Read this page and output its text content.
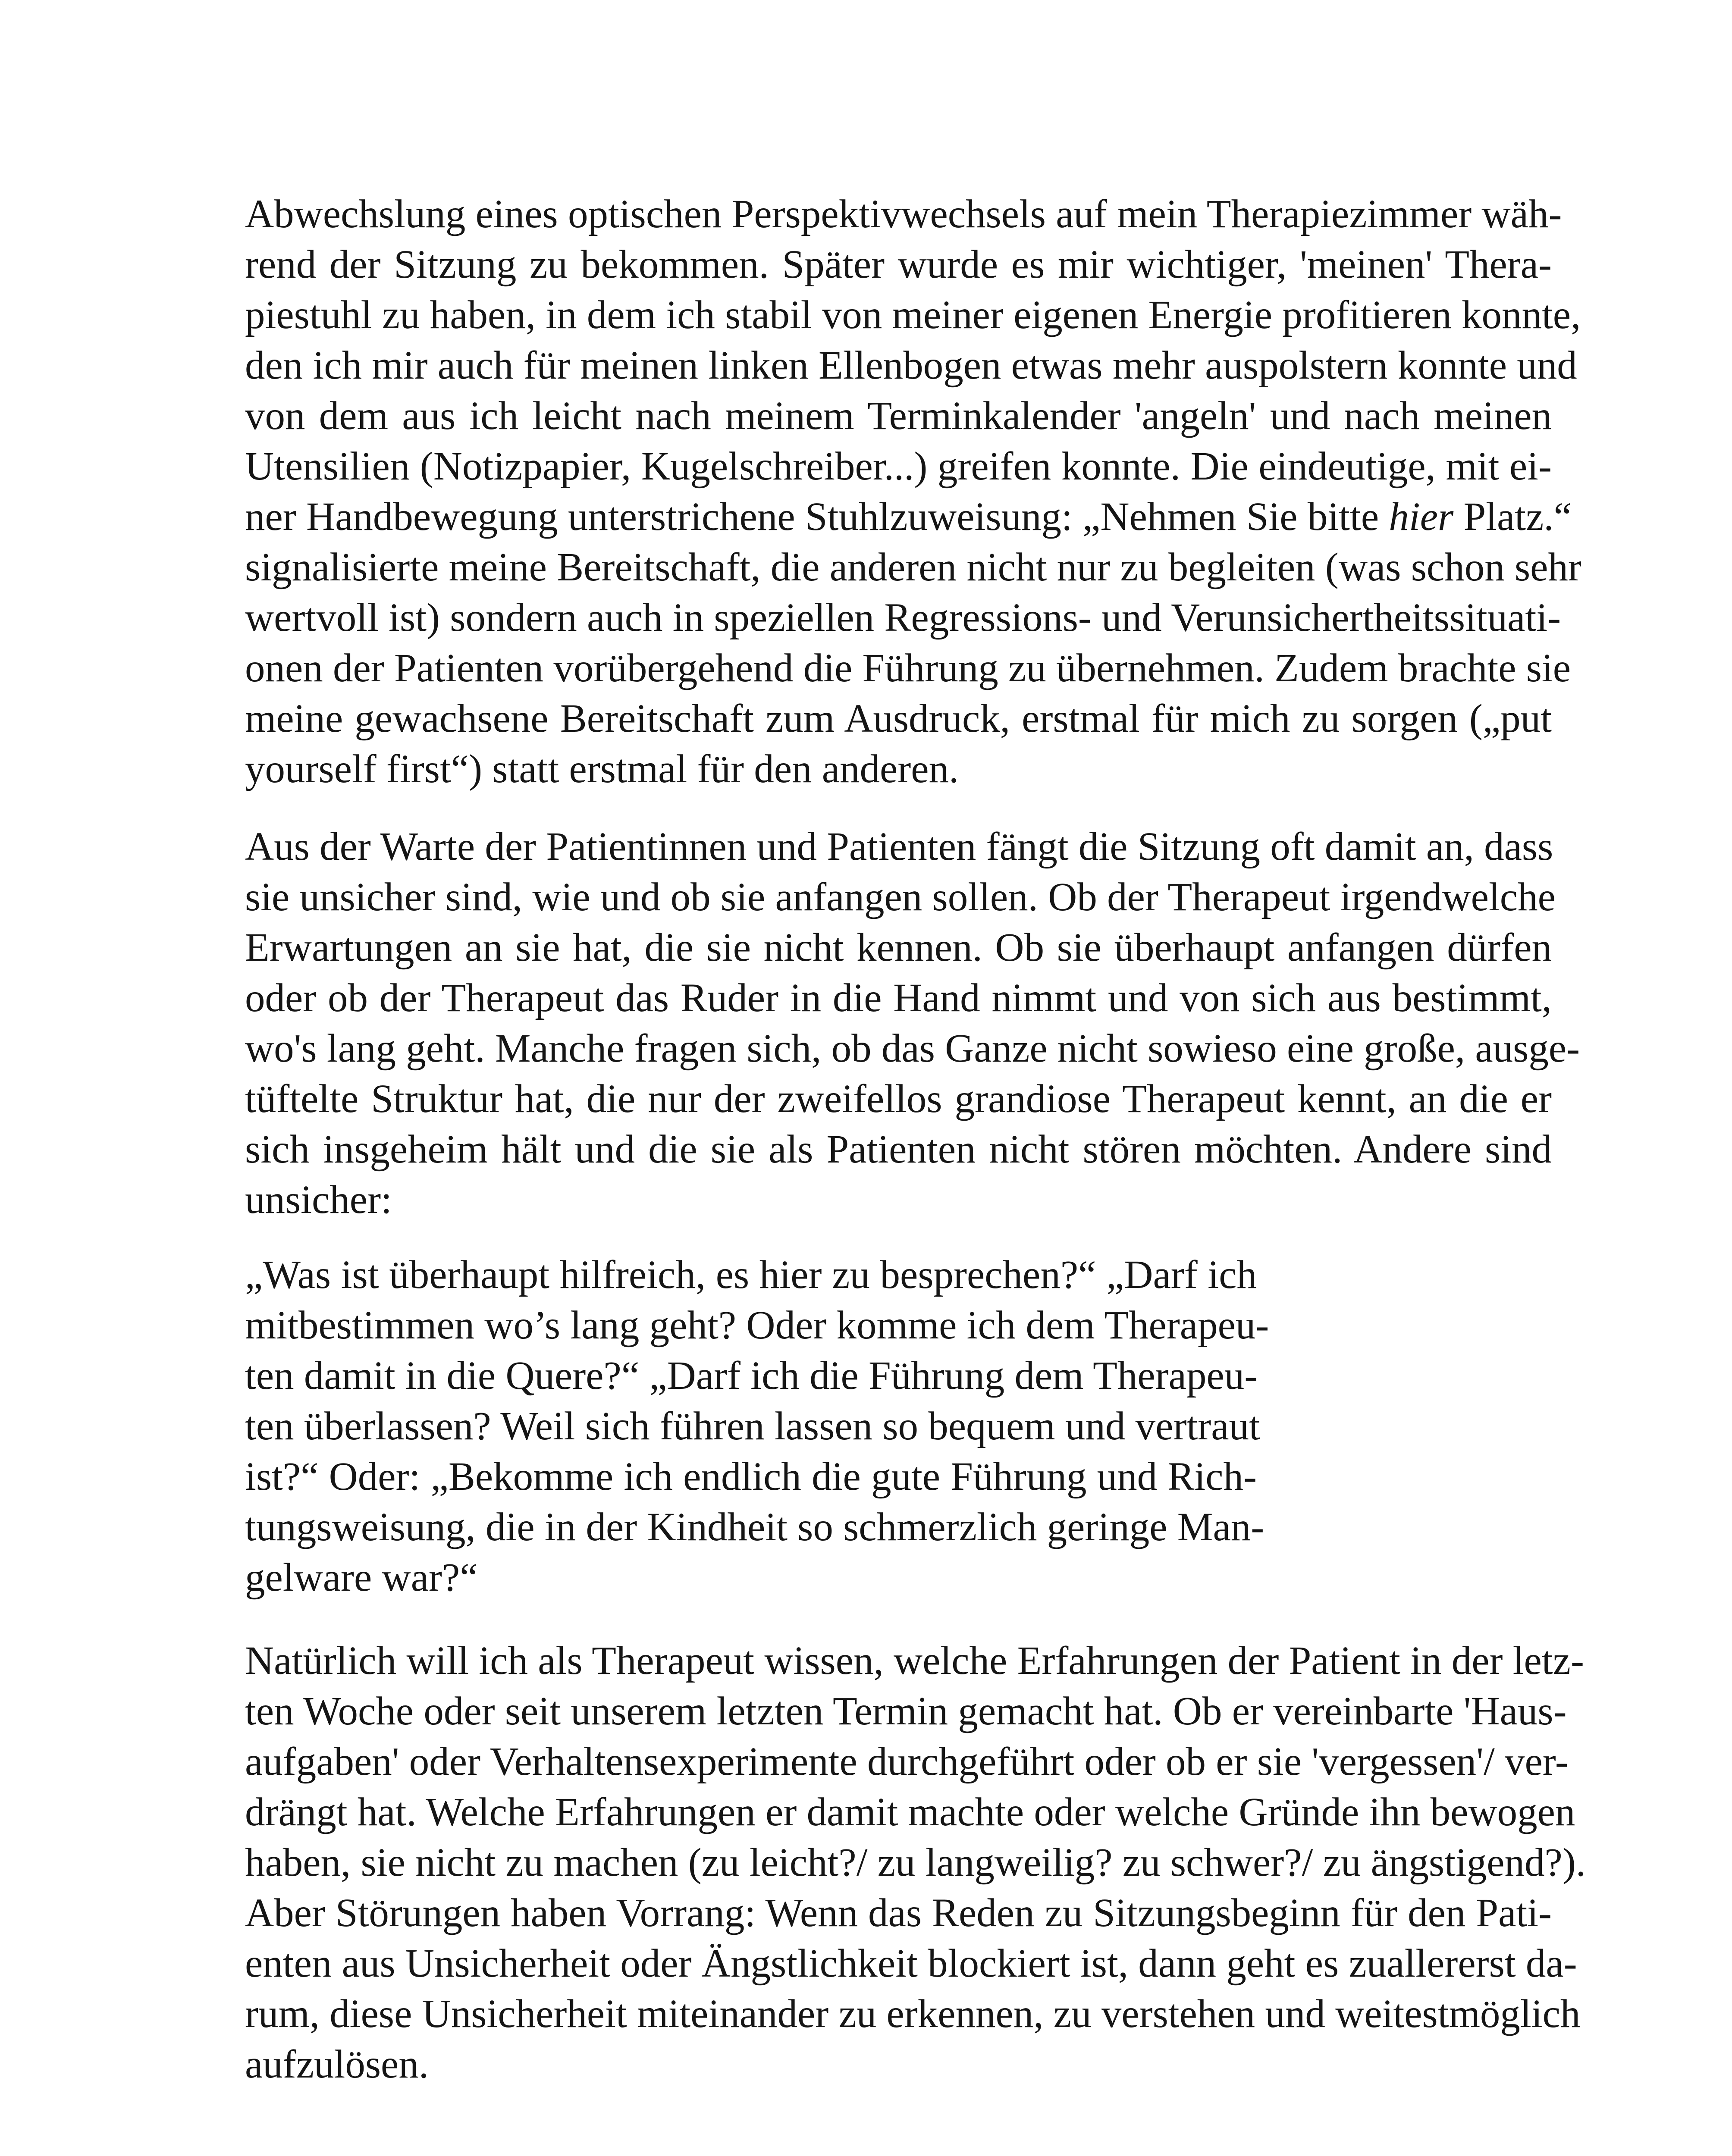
Abwechslung eines optischen Perspektivwechsels auf mein Therapiezimmer wäh-
rend der Sitzung zu bekommen. Später wurde es mir wichtiger, 'meinen' Thera-
piestuhl zu haben, in dem ich stabil von meiner eigenen Energie profitieren konnte,
den ich mir auch für meinen linken Ellenbogen etwas mehr auspolstern konnte und
von dem aus ich leicht nach meinem Terminkalender 'angeln' und nach meinen
Utensilien (Notizpapier, Kugelschreiber...) greifen konnte. Die eindeutige, mit ei-
ner Handbewegung unterstrichene Stuhlzuweisung: „Nehmen Sie bitte hier Platz.“
signalisierte meine Bereitschaft, die anderen nicht nur zu begleiten (was schon sehr
wertvoll ist) sondern auch in speziellen Regressions- und Verunsichertheitssituati-
onen der Patienten vorübergehend die Führung zu übernehmen. Zudem brachte sie
meine gewachsene Bereitschaft zum Ausdruck, erstmal für mich zu sorgen („put
yourself first“) statt erstmal für den anderen.
Aus der Warte der Patientinnen und Patienten fängt die Sitzung oft damit an, dass
sie unsicher sind, wie und ob sie anfangen sollen. Ob der Therapeut irgendwelche
Erwartungen an sie hat, die sie nicht kennen. Ob sie überhaupt anfangen dürfen
oder ob der Therapeut das Ruder in die Hand nimmt und von sich aus bestimmt,
wo's lang geht. Manche fragen sich, ob das Ganze nicht sowieso eine große, ausge-
tüftelte Struktur hat, die nur der zweifellos grandiose Therapeut kennt, an die er
sich insgeheim hält und die sie als Patienten nicht stören möchten. Andere sind
unsicher:
„Was ist überhaupt hilfreich, es hier zu besprechen?“ „Darf ich
mitbestimmen wo’s lang geht? Oder komme ich dem Therapeu-
ten damit in die Quere?“ „Darf ich die Führung dem Therapeu-
ten überlassen? Weil sich führen lassen so bequem und vertraut
ist?“ Oder: „Bekomme ich endlich die gute Führung und Rich-
tungsweisung, die in der Kindheit so schmerzlich geringe Man-
gelware war?“
Natürlich will ich als Therapeut wissen, welche Erfahrungen der Patient in der letz-
ten Woche oder seit unserem letzten Termin gemacht hat. Ob er vereinbarte 'Haus-
aufgaben' oder Verhaltensexperimente durchgeführt oder ob er sie 'vergessen'/ ver-
drängt hat. Welche Erfahrungen er damit machte oder welche Gründe ihn bewogen
haben, sie nicht zu machen (zu leicht?/ zu langweilig? zu schwer?/ zu ängstigend?).
Aber Störungen haben Vorrang: Wenn das Reden zu Sitzungsbeginn für den Pati-
enten aus Unsicherheit oder Ängstlichkeit blockiert ist, dann geht es zuallererst da-
rum, diese Unsicherheit miteinander zu erkennen, zu verstehen und weitestmöglich
aufzulösen.
